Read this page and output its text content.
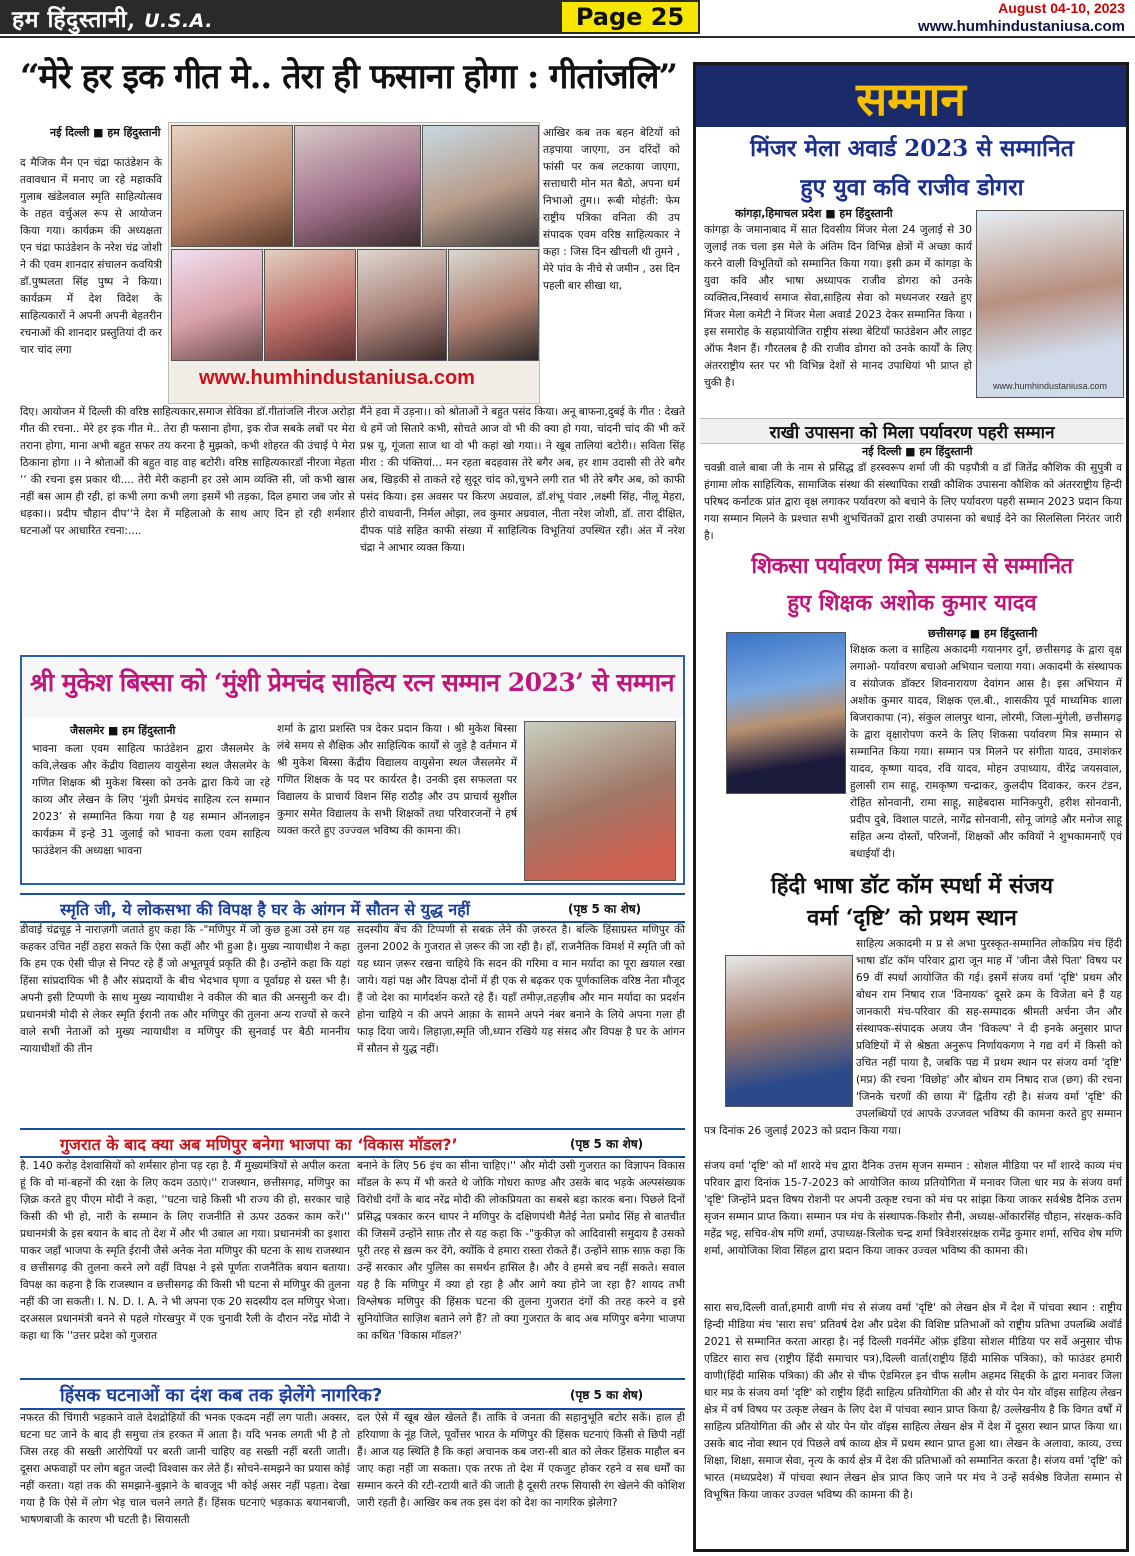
हम हिंदुस्तानी, U.S.A.	Page 25	August 04-10, 2023
www.humhindustaniusa.com
“मेरे हर इक गीत मे.. तेरा ही फसाना होगा : गीतांजलि”
नई दिल्ली ■ हम हिंदुस्तानी
द मैजिक मैन एन चंद्रा फाउंडेशन के तवावधान में मनाए जा रहे महाकवि गुलाब खंडेलवाल स्मृति साहित्योत्सव के तहत वर्चुअल रूप से आयोजन किया गया। कार्यक्रम की अध्यक्षता एन चंद्रा फाउंडेशन के नरेश चंद्र जोशी ने की एवम शानदार संचालन कवयित्री डॉ.पुष्पलता सिंह पुष्प ने किया। कार्यक्रम में देश विदेश के साहित्यकारों ने अपनी अपनी बेहतरीन रचनाओं की शानदार प्रस्तुतियां दी कर चार चांद लगा
www.humhindustaniusa.com
आखिर कब तक बहन बेटियों को तड़पाया जाएगा, उन दरिंदों को फांसी पर कब लटकाया जाएगा, सत्ताधारी मोन मत बैठो, अपना धर्म निभाओ तुम।। रूबी मोहंती: फेम राष्ट्रीय पत्रिका वनिता की उप संपादक एवम वरिष्ठ साहित्यकार ने कहा : जिस दिन खीचली थी तुमने , मेरे पांव के नीचे से जमीन , उस दिन पहली बार सीखा था,
दिए। आयोजन में दिल्ली की वरिष्ठ साहित्यकार,समाज सेविका डॉ.गीतांजलि नीरज अरोड़ा गीत की रचना.. मेरे हर इक गीत मे.. तेरा ही फसाना होगा, इक रोज सबके लबों पर मेरा तराना होगा, माना अभी बहुत सफर तय करना है मुझको, कभी शोहरत की उंचाई पे मेरा ठिकाना होगा ।। ने श्रोताओं की बहुत वाह वाह बटोरी। वरिष्ठ साहित्यकारडॉ नीरजा मेहता ‘‘ की रचना इस प्रकार थी.... तेरी मेरी कहानी हर उसे आम व्यक्ति सी, जो कभी खास नहीं बस आम ही रही, हां कभी लगा कभी लगा इसमें भी तड़का, दिल हमारा जब जोर से धड़का।। प्रदीप चौहान दीप‘‘ने देश में महिलाओ के साथ आए दिन हो रही शर्मशार घटनाओं पर आधारित रचना:....
मैंने हवा में उड़ना।। को श्रोताओं ने बहुत पसंद किया। अनू बाफना,दुबई के गीत : देखते थे हमें जो सितारे कभी, सोचते आज वो भी की क्या हो गया, चांदनी चांद की भी करें प्रश्न यू, गूंजता साज था वो भी कहां खो गया।। ने खूब तालियां बटोरी।। सविता सिंह मीरा : की पंक्तियां... मन रहता बदहवास तेरे बगैर अब, हर शाम उदासी सी तेरे बगैर अब, खिड़की से ताकते रहे सुदूर चांद को,चुभने लगी रात भी तेरे बगैर अब, को काफी पसंद किया। इस अवसर पर किरण अग्रवाल, डॉ.शंभू पंवार ,लक्ष्मी सिंह, नीलू मेहरा, हीरो वाधवानी, निर्मल ओझा, लव कुमार अग्रवाल, नीता नरेश जोशी, डॉ. तारा दीक्षित, दीपक पांडे सहित काफी संख्या में साहित्यिक विभूतियां उपस्थित रही। अंत में नरेश चंद्रा ने आभार व्यक्त किया।
श्री मुकेश बिस्सा को ‘मुंशी प्रेमचंद साहित्य रत्न सम्मान 2023’ से सम्मान
जैसलमेर ■ हम हिंदुस्तानी
भावना कला एवम साहित्य फाउंडेशन द्वारा जैसलमेर के कवि,लेखक और केंद्रीय विद्यालय वायुसेना स्थल जैसलमेर के गणित शिक्षक श्री मुकेश बिस्सा को उनके द्वारा किये जा रहे काव्य और लेखन के लिए ‘मुंशी प्रेमचंद साहित्य रत्न सम्मान 2023’ से सम्मानित किया गया है यह सम्मान ऑनलाइन कार्यक्रम में इन्हे 31 जुलाई को भावना कला एवम साहित्य फाउंडेशन की अध्यक्षा भावना
शर्मा के द्वारा प्रशस्ति पत्र देकर प्रदान किया । श्री मुकेश बिस्सा लंबे समय से शैक्षिक और साहित्यिक कार्यों से जुड़े है वर्तमान में श्री मुकेश बिस्सा केंद्रीय विद्यालय वायुसेना स्थल जैसलमेर में गणित शिक्षक के पद पर कार्यरत है। उनकी इस सफलता पर विद्यालय के प्राचार्य विशन सिंह राठौड़ और उप प्राचार्य सुशील कुमार समेत विद्यालय के सभी शिक्षकों तथा परिवारजनों ने हर्ष व्यक्त करते हुए उज्ज्वल भविष्य की कामना की।
स्मृति जी, ये लोकसभा की विपक्ष है घर के आंगन में सौतन से युद्ध नहीं	(पृष्ठ 5 का शेष)
डीवाई चंद्रचूड़ ने नाराज़गी जताते हुए कहा कि -"मणिपुर में जो कुछ हुआ उसे हम यह कहकर उचित नहीं ठहरा सकते कि ऐसा कहीं और भी हुआ है। मुख्य न्यायाधीश ने कहा कि हम एक ऐसी चीज़ से निपट रहे हैं जो अभूतपूर्व प्रकृति की है। उन्होंने कहा कि यहां हिंसा सांप्रदायिक भी है और संप्रदायों के बीच भेदभाव घृणा व पूर्वाग्रह से ग्रस्त भी है। अपनी इसी टिप्पणी के साथ मुख्य न्यायाधीश ने वकील की बात की अनसुनी कर दी। प्रधानमंत्री मोदी से लेकर स्मृति ईरानी तक और मणिपुर की तुलना अन्य राज्यों से करने वाले सभी नेताओं को मुख्य न्यायाधीश व मणिपुर की सुनवाई पर बैठी माननीय न्यायाधीशों की तीन
सदस्यीय बेंच की टिप्पणी से सबक़ लेने की ज़रुरत है। बल्कि हिंसाग्रस्त मणिपुर की तुलना 2002 के गुजरात से ज़रूर की जा रही है। हाँ, राजनैतिक विमर्श में स्मृति जी को यह ध्यान ज़रूर रखना चाहिये कि सदन की गरिमा व मान मर्यादा का पूरा ख़याल रखा जाये। यहां पक्ष और विपक्ष दोनों में ही एक से बढ़कर एक पूर्णकालिक वरिष्ठ नेता मौजूद हैं जो देश का मार्गदर्शन करते रहे हैं। यहाँ तमीज़,तहज़ीब और मान मर्यादा का प्रदर्शन होना चाहिये न की अपने आक़ा के सामने अपने नंबर बनाने के लिये अपना गला ही फाड़ दिया जाये। लिहाज़ा,स्मृति जी,ध्यान रखिये यह संसद और विपक्ष है घर के आंगन में सौतन से युद्ध नहीं।
गुजरात के बाद क्या अब मणिपुर बनेगा भाजपा का ‘विकास मॉडल?’	(पृष्ठ 5 का शेष)
है. 140 करोड़ देशवासियों को शर्मसार होना पड़ रहा है. मैं मुख्यमंत्रियों से अपील करता हूं कि वो मां-बहनों की रक्षा के लिए कदम उठाएं।'' राजस्थान, छत्तीसगढ़, मणिपुर का ज़िक्र करते हुए पीएम मोदी ने कहा, ''घटना चाहे किसी भी राज्य की हो, सरकार चाहे किसी की भी हो, नारी के सम्मान के लिए राजनीति से ऊपर उठकर काम करें।'' प्रधानमंत्री के इस बयान के बाद तो देश में और भी उबाल आ गया। प्रधानमंत्री का इशारा पाकर जहाँ भाजपा के स्मृति ईरानी जैसे अनेक नेता मणिपुर की घटना के साथ राजस्थान व छत्तीसगढ़ की तुलना करने लगे वहीं विपक्ष ने इसे पूर्णतः राजनैतिक बयान बताया। विपक्ष का कहना है कि राजस्थान व छत्तीसगढ़ की किसी भी घटना से मणिपुर की तुलना नहीं की जा सकती। I. N. D. I. A. ने भी अपना एक 20 सदस्यीय दल मणिपुर भेजा। दरअसल प्रधानमंत्री बनने से पहले गोरखपुर में एक चुनावी रैली के दौरान नरेंद्र मोदी ने कहा था कि ''उत्तर प्रदेश को गुजरात
बनाने के लिए 56 इंच का सीना चाहिए।'' और मोदी उसी गुजरात का विज्ञापन विकास मॉडल के रूप में भी करते थे जोकि गोधरा काण्ड और उसके बाद भड़के अल्पसंख्यक विरोधी दंगों के बाद नरेंद्र मोदी की लोकप्रियता का सबसे बड़ा कारक बना। पिछले दिनों प्रसिद्ध पत्रकार करन थापर ने मणिपुर के दक्षिणपंथी मैतेई नेता प्रमोद सिंह से बातचीत की जिसमें उन्होंने साफ़ तौर से यह कहा कि -"कुकीज़ को आदिवासी समुदाय है उसको पूरी तरह से ख़त्म कर देंगे, क्योंकि वे हमारा रास्ता रोकते हैं। उन्होंने साफ़ साफ़ कहा कि उन्हें सरकार और पुलिस का समर्थन हासिल है। और वे हमसे बच नहीं सकते। सवाल यह है कि मणिपुर में क्या हो रहा है और आगे क्या होने जा रहा है? शायद तभी विश्लेषक मणिपुर की हिंसक घटना की तुलना गुजरात दंगों की तरह करने व इसे सुनियोजित साज़िश बताने लगे हैं? तो क्या गुजरात के बाद अब मणिपुर बनेगा भाजपा का कथित 'विकास मॉडल?'
हिंसक घटनाओं का दंश कब तक झेलेंगे नागरिक?	(पृष्ठ 5 का शेष)
नफरत की चिंगारी भड़काने वाले देशद्रोहियों की भनक एकदम नहीं लग पाती। अक्सर, घटना घट जाने के बाद ही समुचा तंत्र हरकत में आता है। यदि भनक लगती भी है तो जिस तरह की सख्ती आरोपियों पर बरती जानी चाहिए वह सख्ती नहीं बरती जाती। दूसरा अफवाहों पर लोग बहुत जल्दी विश्वास कर लेते हैं। सोचने-समझने का प्रयास कोई नहीं करता। यहां तक की समझाने-बुझाने के बावजूद भी कोई असर नहीं पड़ता। देखा गया है कि ऐसे में लोग भेड़ चाल चलने लगते हैं। हिंसक घटनाएं भड़काऊ बयानबाजी, भाषणबाजी के कारण भी घटती है। सियासती
दल ऐसे में खूब खेल खेलते हैं। ताकि वे जनता की सहानुभूति बटोर सकें। हाल ही हरियाणा के नूंह जिले, पूर्वोत्तर भारत के मणिपुर की हिंसक घटनाएं किसी से छिपी नहीं हैं। आज यह स्थिति है कि कहां अचानक कब जरा-सी बात को लेकर हिंसक माहौल बन जाए कहा नहीं जा सकता। एक तरफ तो देश में एकजुट होकर रहने व सब धर्मों का सम्मान करने की रटी-रटायी बातें की जाती है दूसरी तरफ सियासी रंग खेलने की कोशिश जारी रहती है। आखिर कब तक इस दंश को देश का नागरिक झेलेगा?
सम्मान
मिंजर मेला अवार्ड 2023 से सम्मानित
हुए युवा कवि राजीव डोगरा
कांगड़ा,हिमाचल प्रदेश ■ हम हिंदुस्तानी
कांगड़ा के जमानाबाद में सात दिवसीय मिंजर मेला 24 जुलाई से 30 जुलाई तक चला इस मेले के अंतिम दिन विभिन्न क्षेत्रों में अच्छा कार्य करने वाली विभूतियों को सम्मानित किया गया। इसी क्रम में कांगड़ा के युवा कवि और भाषा अध्यापक राजीव डोगरा को उनके व्यक्तित्व,निस्वार्थ समाज सेवा,साहित्य सेवा को मध्यनजर रखते हुए मिंजर मेला कमेटी ने मिंजर मेला अवार्ड 2023 देकर सम्मानित किया । इस समारोह के सहप्रायोजित राष्ट्रीय संस्था बेटियाँ फाउंडेशन और लाइट ऑफ नैशन हैं। गौरतलब है की राजीव डोगरा को उनके कार्यों के लिए अंतरराष्ट्रीय स्तर पर भी विभिन्न देशों से मानद उपाधियां भी प्राप्त हो चुकी है।	www.humhindustaniusa.com
राखी उपासना को मिला पर्यावरण पहरी सम्मान
नई दिल्ली ■ हम हिंदुस्तानी
चवन्नी वाले बाबा जी के नाम से प्रसिद्ध डॉ हरस्वरूप शर्मा जी की पड़पौत्री व डॉ जितेंद्र कौशिक की सुपुत्री व हंगामा लोक साहित्यिक, सामाजिक संस्था की संस्थापिका राखी कौशिक उपासना कौशिक को अंतरराष्ट्रीय हिन्दी परिषद कर्नाटक प्रांत द्वारा वृक्ष लगाकर पर्यावरण को बचाने के लिए पर्यावरण पहरी सम्मान 2023 प्रदान किया गया सम्मान मिलने के प्रश्चात सभी शुभचिंतकों द्वारा राखी उपासना को बधाई देने का सिलसिला निरंतर जारी है।
शिकसा पर्यावरण मित्र सम्मान से सम्मानित
हुए शिक्षक अशोक कुमार यादव
छत्तीसगढ़ ■ हम हिंदुस्तानी
शिक्षक कला व साहित्य अकादमी गयानगर दुर्ग, छत्तीसगढ़ के द्वारा वृक्ष लगाओ- पर्यावरण बचाओ अभियान चलाया गया। अकादमी के संस्थापक व संयोजक डॉक्टर शिवनारायण देवांगन आस है। इस अभियान में अशोक कुमार यादव, शिक्षक एल.बी., शासकीय पूर्व माध्यमिक शाला बिजराकापा (न), संकुल लालपुर थाना, लोरमी, जिला-मुंगेली, छत्तीसगढ़ के द्वारा वृक्षारोपण करने के लिए शिकसा पर्यावरण मित्र सम्मान से सम्मानित किया गया। सम्मान पत्र मिलने पर संगीता यादव, उमाशंकर यादव, कृष्णा यादव, रवि यादव, मोहन उपाध्याय, वीरेंद्र जयसवाल, हुलासी राम साहू, रामकृष्ण चन्द्राकर, कुलदीप दिवाकर, करन टंडन, रोहित सोनवानी, रामा साहू, साहेबदास मानिकपुरी, हरीश सोनवानी, प्रदीप दुबे, विशाल पाटले, नागेंद्र सोनवानी, सोनू जांगड़े और मनोज साहू सहित अन्य दोस्तों, परिजनों, शिक्षकों और कवियों ने शुभकामनाएँ एवं बधाईयाँ दी।
हिंदी भाषा डॉट कॉम स्पर्धा में संजय
वर्मा ‘दृष्टि’ को प्रथम स्थान
साहित्य अकादमी म प्र से अभा पुरस्कृत-सम्मानित लोकप्रिय मंच हिंदी भाषा डॉट कॉम परिवार द्वारा जून माह में 'जीना जैसे पिता' विषय पर 69 वीं स्पर्धा आयोजित की गई। इसमें संजय वर्मा 'दृष्टि' प्रथम और बोधन राम निषाद राज 'विनायक' दूसरे क्रम के विजेता बने हैं यह जानकारी मंच-परिवार की सह-सम्पादक श्रीमती अर्चना जैन और संस्थापक-संपादक अजय जैन 'विकल्प' ने दी इनके अनुसार प्राप्त प्रविष्टियों में से श्रेष्ठता अनुरूप निर्णायकगण ने गद्य वर्ग में किसी को उचित नहीं पाया है, जबकि पद्य में प्रथम स्थान पर संजय वर्मा 'दृष्टि' (मप्र) की रचना 'विछोह' और बोधन राम निषाद राज (छग) की रचना 'जिनके चरणों की छाया में' द्वितीय रही है। संजय वर्मा 'दृष्टि' की उपलब्धियों एवं आपके उज्जवल भविष्य की कामना करते हुए सम्मान पत्र दिनांक 26 जुलाई 2023 को प्रदान किया गया।
संजय वर्मा 'दृष्टि' को माँ शारदे मंच द्वारा दैनिक उत्तम सृजन सम्मान : सोशल मीडिया पर माँ शारदे काव्य मंच परिवार द्वारा दिनांक 15-7-2023 को आयोजित काव्य प्रतियोगिता में मनावर जिला धार मप्र के संजय वर्मा 'दृष्टि' जिन्होंने प्रदत्त विषय रोशनी पर अपनी उत्कृष्ट रचना को मंच पर सांझा किया जाकर सर्वश्रेष्ठ दैनिक उत्तम सृजन सम्मान प्राप्त किया। सम्मान पत्र मंच के संस्थापक-किशोर सैनी, अध्यक्ष-ओंकारसिंह चौहान, संरक्षक-कवि महेंद्र भट्ट, सचिव-शेष मणि शर्मा, उपाध्यक्ष-त्रिलोक चन्द्र शर्मा त्रिवेशरसंरक्षक रामेंद्र कुमार शर्मा, सचिव शेष मणि शर्मा, आयोजिका शिवा सिंहल द्वारा प्रदान किया जाकर उज्वल भविष्य की कामना की।
सारा सच,दिल्ली वार्ता,हमारी वाणी मंच से संजय वर्मा 'दृष्टि' को लेखन क्षेत्र में देश में पांचवा स्थान : राष्ट्रीय हिन्दी मीडिया मंच 'सारा सच' प्रतिवर्ष देश और प्रदेश की विशिष्ट प्रतिभाओं को राष्ट्रीय प्रतिभा उपलब्धि अवॉर्ड 2021 से सम्मानित करता आरहा है। नई दिल्ली गवर्नमेंट ऑफ़ इंडिया सोशल मीडिया पर सर्वे अनुसार चीफ एडिटर सारा सच (राष्ट्रीय हिंदी समाचार पत्र),दिल्ली वार्ता(राष्ट्रीय हिंदी मासिक पत्रिका), को फाउंडर हमारी वाणी(हिंदी मासिक पत्रिका) की और से चीफ ऐडमिरल इन चीफ सलीम अहमद सिद्दकी के द्वारा मनावर जिला धार मप्र के संजय वर्मा 'दृष्टि' को राष्ट्रीय हिंदी साहित्य प्रतियोगिता की और से योर पेन योर वॉइस साहित्य लेखन क्षेत्र में वर्ष विषय पर उत्कृष्ट लेखन के लिए देश में पांचवा स्थान प्राप्त किया है/ उल्लेखनीय है कि विगत वर्षों में साहित्य प्रतियोगिता की और से योर पेन योर वॉइस साहित्य लेखन क्षेत्र में देश में दूसरा स्थान प्राप्त किया था। उसके बाद नोवा स्थान एवं पिछले वर्ष काव्य क्षेत्र में प्रथम स्थान प्राप्त हुआ था। लेखन के अलावा, काव्य, उच्च शिक्षा, शिक्षा, समाज सेवा, नृत्य के कार्य क्षेत्र में देश की प्रतिभाओं को सम्मानित करता है। संजय वर्मा 'दृष्टि' को भारत (मध्यप्रदेश) में पांचवा स्थान लेखन क्षेत्र प्राप्त किए जाने पर मंच ने उन्हें सर्वश्रेष्ठ विजेता सम्मान से विभूषित किया जाकर उज्वल भविष्य की कामना की है।
